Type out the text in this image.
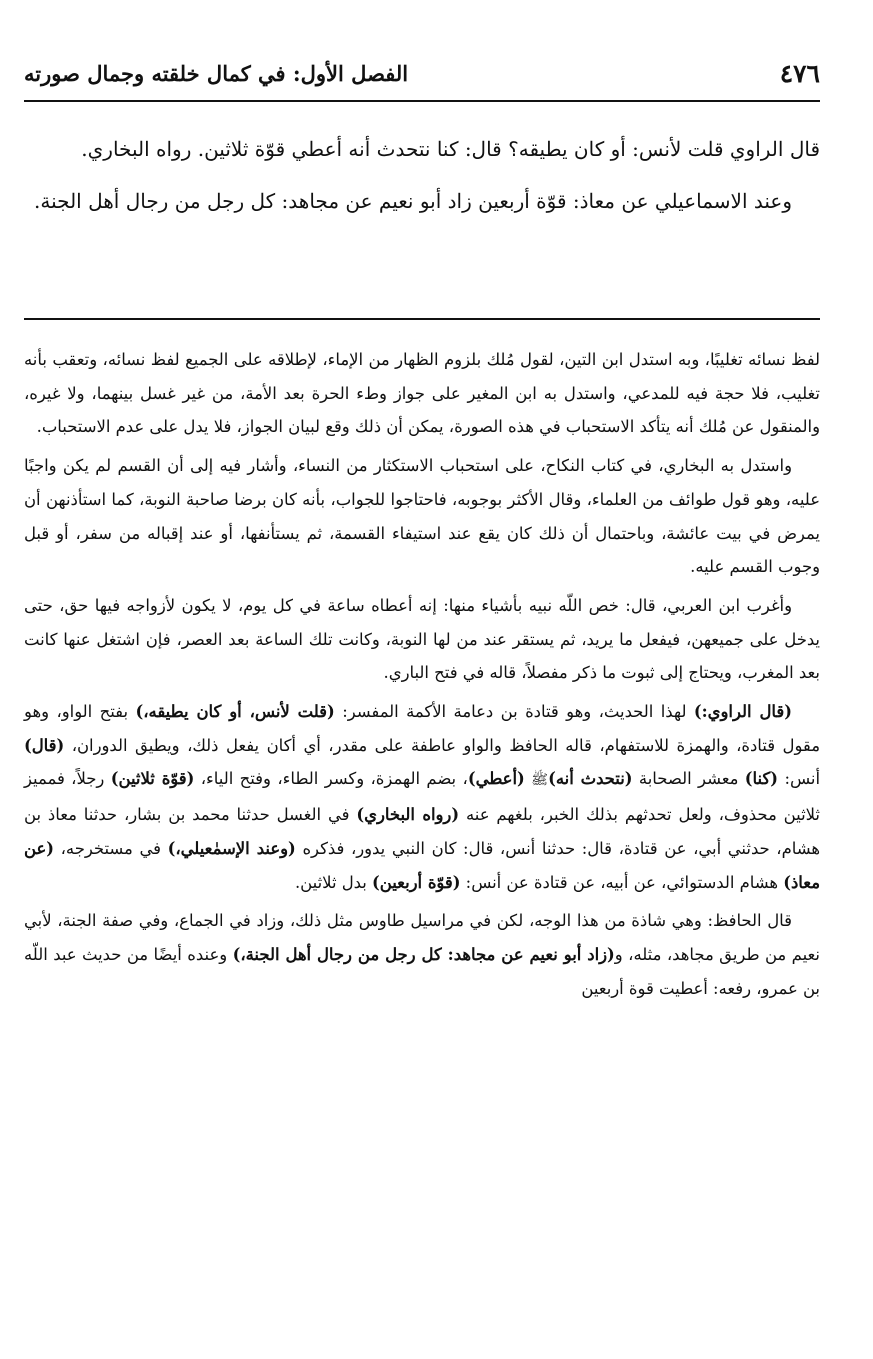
٤٧٦
الفصل الأول: في كمال خلقته وجمال صورته

قال الراوي قلت لأنس: أو كان يطيقه؟ قال: كنا نتحدث أنه أعطي قوّة ثلاثين. رواه البخاري.

وعند الاسماعيلي عن معاذ: قوّة أربعين زاد أبو نعيم عن مجاهد: كل رجل من رجال أهل الجنة.

لفظ نسائه تغليبًا، وبه استدل ابن التين، لقول مُلك بلزوم الظهار من الإماء، لإطلاقه على الجميع لفظ نسائه، وتعقب بأنه تغليب، فلا حجة فيه للمدعي، واستدل به ابن المغير على جواز وطء الحرة بعد الأمة، من غير غسل بينهما، ولا غيره، والمنقول عن مُلك أنه يتأكد الاستحباب في هذه الصورة، يمكن أن ذلك وقع لبيان الجواز، فلا يدل على عدم الاستحباب.

واستدل به البخاري، في كتاب النكاح، على استحباب الاستكثار من النساء، وأشار فيه إلى أن القسم لم يكن واجبًا عليه، وهو قول طوائف من العلماء، وقال الأكثر بوجوبه، فاحتاجوا للجواب، بأنه كان برضا صاحبة النوبة، كما استأذنهن أن يمرض في بيت عائشة، وباحتمال أن ذلك كان يقع عند استيفاء القسمة، ثم يستأنفها، أو عند إقباله من سفر، أو قبل وجوب القسم عليه.

وأغرب ابن العربي، قال: خص اللّه نبيه بأشياء منها: إنه أعطاه ساعة في كل يوم، لا يكون لأزواجه فيها حق، حتى يدخل على جميعهن، فيفعل ما يريد، ثم يستقر عند من لها النوبة، وكانت تلك الساعة بعد العصر، فإن اشتغل عنها كانت بعد المغرب، ويحتاج إلى ثبوت ما ذكر مفصلاً، قاله في فتح الباري.

(قال الراوي:) لهذا الحديث، وهو قتادة بن دعامة الأكمة المفسر: (قلت لأنس، أو كان يطيقه،) بفتح الواو، وهو مقول قتادة، والهمزة للاستفهام، قاله الحافظ والواو عاطفة على مقدر، أي أكان يفعل ذلك، ويطيق الدوران، (قال) أنس: (كنا) معشر الصحابة (نتحدث أنه)ﷺ (أعطي)، بضم الهمزة، وكسر الطاء، وفتح الياء، (قوّة ثلاثين) رجلاً، فمميز ثلاثين محذوف، ولعل تحدثهم بذلك الخبر، بلغهم عنه (رواه البخاري) في الغسل حدثنا محمد بن بشار، حدثنا معاذ بن هشام، حدثني أبي، عن قتادة، قال: حدثنا أنس، قال: كان النبي يدور، فذكره (وعند الإسمٰعيلي،) في مستخرجه، (عن معاذ) هشام الدستوائي، عن أبيه، عن قتادة عن أنس: (قوّة أربعين) بدل ثلاثين.

قال الحافظ: وهي شاذة من هذا الوجه، لكن في مراسيل طاوس مثل ذلك، وزاد في الجماع، وفي صفة الجنة، لأبي نعيم من طريق مجاهد، مثله، و(زاد أبو نعيم عن مجاهد: كل رجل من رجال أهل الجنة،) وعنده أيضًا من حديث عبد اللّه بن عمرو، رفعه: أعطيت قوة أربعين
